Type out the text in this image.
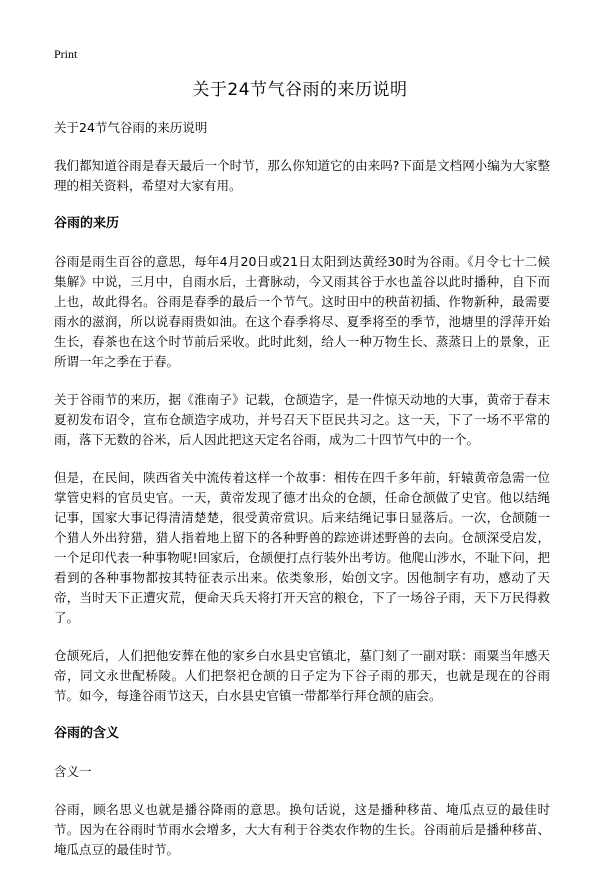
Print
关于24节气谷雨的来历说明

关于24节气谷雨的来历说明

我们都知道谷雨是春天最后一个时节，那么你知道它的由来吗?下面是文档网小编为大家整理的相关资料，希望对大家有用。

谷雨的来历

谷雨是雨生百谷的意思，每年4月20日或21日太阳到达黄经30时为谷雨。《月令七十二候集解》中说，三月中，自雨水后，土膏脉动，今又雨其谷于水也盖谷以此时播种，自下而上也，故此得名。谷雨是春季的最后一个节气。这时田中的秧苗初插、作物新种，最需要雨水的滋润，所以说春雨贵如油。在这个春季将尽、夏季将至的季节，池塘里的浮萍开始生长，春茶也在这个时节前后采收。此时此刻，给人一种万物生长、蒸蒸日上的景象，正所谓一年之季在于春。

关于谷雨节的来历，据《淮南子》记载，仓颉造字，是一件惊天动地的大事，黄帝于春末夏初发布诏令，宣布仓颉造字成功，并号召天下臣民共习之。这一天，下了一场不平常的雨，落下无数的谷米，后人因此把这天定名谷雨，成为二十四节气中的一个。

但是，在民间，陕西省关中流传着这样一个故事：相传在四千多年前，轩辕黄帝急需一位掌管史料的官员史官。一天，黄帝发现了德才出众的仓颉，任命仓颉做了史官。他以结绳记事，国家大事记得清清楚楚，很受黄帝赏识。后来结绳记事日显落后。一次，仓颉随一个猎人外出狩猎，猎人指着地上留下的各种野兽的踪迹讲述野兽的去向。仓颉深受启发，一个足印代表一种事物呢!回家后，仓颉便打点行装外出考访。他爬山涉水，不耻下问，把看到的各种事物都按其特征表示出来。依类象形，始创文字。因他制字有功，感动了天帝，当时天下正遭灾荒，便命天兵天将打开天宫的粮仓，下了一场谷子雨，天下万民得救了。

仓颉死后，人们把他安葬在他的家乡白水县史官镇北，墓门刻了一副对联：雨粟当年感天帝，同文永世配桥陵。人们把祭祀仓颉的日子定为下谷子雨的那天，也就是现在的谷雨节。如今，每逢谷雨节这天，白水县史官镇一带都举行拜仓颉的庙会。

谷雨的含义

含义一

谷雨，顾名思义也就是播谷降雨的意思。换句话说，这是播种移苗、埯瓜点豆的最佳时节。因为在谷雨时节雨水会增多，大大有利于谷类农作物的生长。谷雨前后是播种移苗、埯瓜点豆的最佳时节。
